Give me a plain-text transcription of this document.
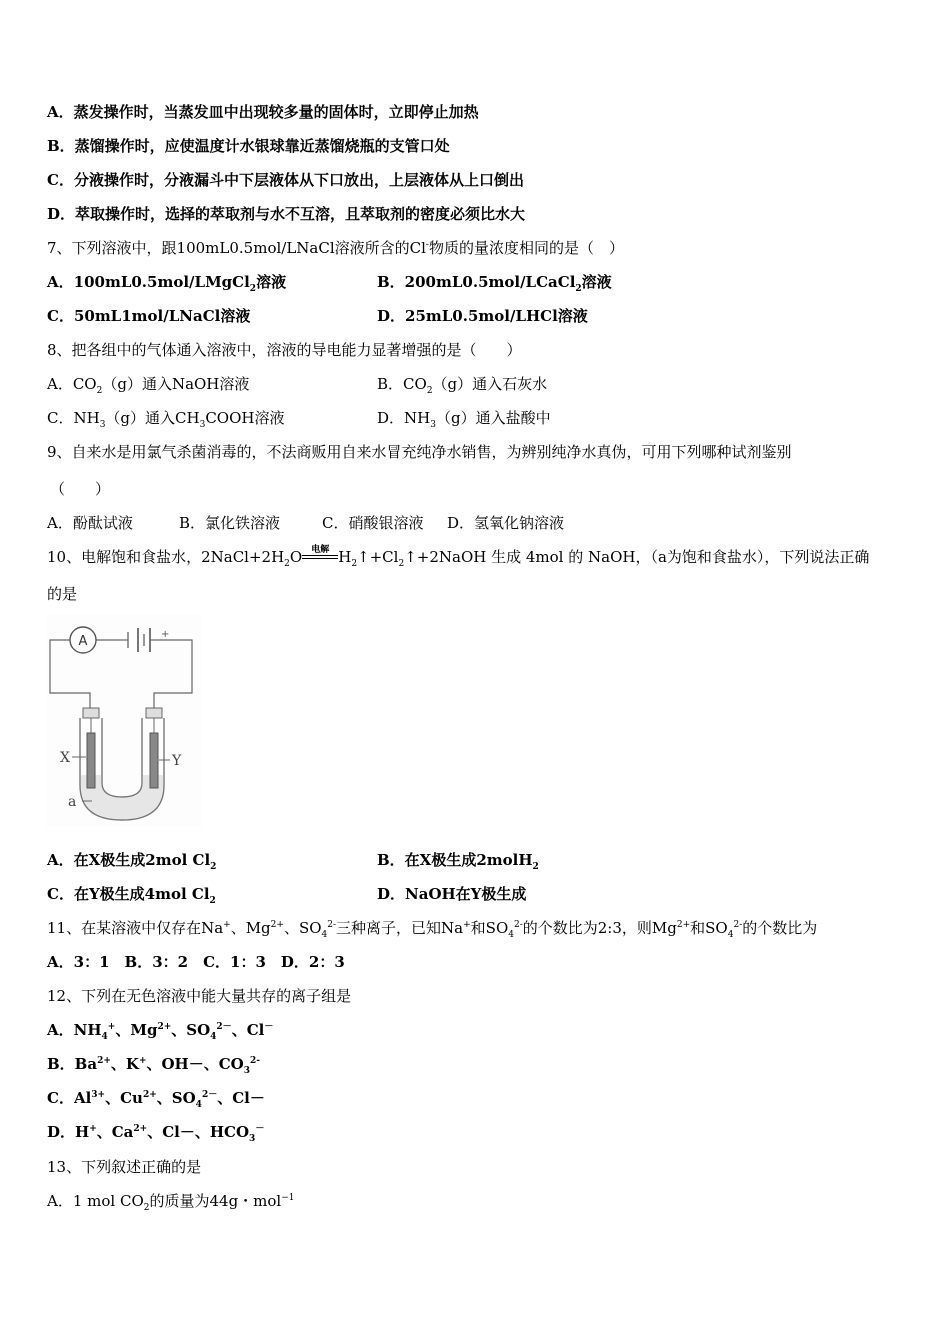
A．蒸发操作时，当蒸发皿中出现较多量的固体时，立即停止加热
B．蒸馏操作时，应使温度计水银球靠近蒸馏烧瓶的支管口处
C．分液操作时，分液漏斗中下层液体从下口放出，上层液体从上口倒出
D．萃取操作时，选择的萃取剂与水不互溶，且萃取剂的密度必须比水大
7、下列溶液中，跟100mL0.5mol/LNaCl溶液所含的Cl-物质的量浓度相同的是（　）
A．100mL0.5mol/LMgCl$_2$溶液	B．200mL0.5mol/LCaCl$_2$溶液
C．50mL1mol/LNaCl溶液	D．25mL0.5mol/LHCl溶液
8、把各组中的气体通入溶液中，溶液的导电能力显著增强的是（　　）
A．$CO_2(g)$通入NaOH溶液	B．$CO_2(g)$通入石灰水
C．$NH_3(g)$通入$CH_3COOH$溶液	D．$NH_3(g)$通入盐酸中
9、自来水是用氯气杀菌消毒的，不法商贩用自来水冒充纯净水销售，为辨别纯净水真伪，可用下列哪种试剂鉴别
（　　）
A．酚酞试液	B．氯化铁溶液	C．硝酸银溶液 D．氢氧化钠溶液
10、电解饱和食盐水，$2NaCl+2H_2O$ 电解 $H_2↑+Cl_2↑+2NaOH$ 生成 4mol 的 NaOH，（a为饱和食盐水），下列说法正确
的是
A	+
X	Y
a
A．在X极生成2mol $Cl_2$	B．在X极生成2molH$_2$
C．在Y极生成4mol $Cl_2$	D．NaOH在Y极生成
11、在某溶液中仅存在Na+、$Mg^{2+}$、$SO_4^{2-}$三种离子，已知Na+和$SO_4^{2-}$的个数比为2:3，则$Mg^{2+}$和$SO_4^{2-}$的个数比为
A．3：1　B．3：2　C．1：3　D．2：3
12、下列在无色溶液中能大量共存的离子组是
A．$NH_4^+$、$Mg^{2+}$、$SO_4^{2-}$、Cl－
B．$Ba^{2+}$、K+、OH－、$CO_3^{2-}$
C．$Al^{3+}$、$Cu^{2+}$、$SO_4^{2-}$、Cl－
D．H+、$Ca^{2+}$、Cl－、$HCO_3^-$
13、下列叙述正确的是
A．1 mol $CO_2$的质量为44g・mol$^{-1}$
